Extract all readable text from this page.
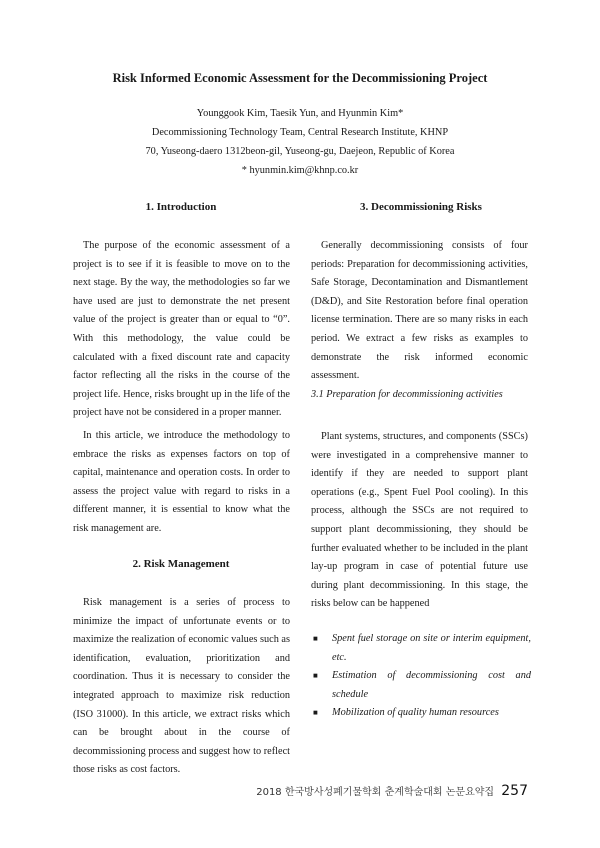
Risk Informed Economic Assessment for the Decommissioning Project
Younggook Kim, Taesik Yun, and Hyunmin Kim*
Decommissioning Technology Team, Central Research Institute, KHNP
70, Yuseong-daero 1312beon-gil, Yuseong-gu, Daejeon, Republic of Korea
* hyunmin.kim@khnp.co.kr
1. Introduction

The purpose of the economic assessment of a project is to see if it is feasible to move on to the next stage. By the way, the methodologies so far we have used are just to demonstrate the net present value of the project is greater than or equal to “0”. With this methodology, the value could be calculated with a fixed discount rate and capacity factor reflecting all the risks in the course of the project life. Hence, risks brought up in the life of the project have not be considered in a proper manner.

In this article, we introduce the methodology to embrace the risks as expenses factors on top of capital, maintenance and operation costs. In order to assess the project value with regard to risks in a different manner, it is essential to know what the risk management are.

2. Risk Management

Risk management is a series of process to minimize the impact of unfortunate events or to maximize the realization of economic values such as identification, evaluation, prioritization and coordination. Thus it is necessary to consider the integrated approach to maximize risk reduction (ISO 31000). In this article, we extract risks which can be brought about in the course of decommissioning process and suggest how to reflect those risks as cost factors.

3. Decommissioning Risks

Generally decommissioning consists of four periods: Preparation for decommissioning activities, Safe Storage, Decontamination and Dismantlement (D&D), and Site Restoration before final operation license termination. There are so many risks in each period. We extract a few risks as examples to demonstrate the risk informed economic assessment.

3.1 Preparation for decommissioning activities

Plant systems, structures, and components (SSCs) were investigated in a comprehensive manner to identify if they are needed to support plant operations (e.g., Spent Fuel Pool cooling). In this process, although the SSCs are not required to support plant decommissioning, they should be further evaluated whether to be included in the plant lay-up program in case of potential future use during plant decommissioning. In this stage, the risks below can be happened

■ Spent fuel storage on site or interim equipment, etc.
■ Estimation of decommissioning cost and schedule
■ Mobilization of quality human resources
2018 한국방사성폐기물학회 춘계학술대회 논문요약집 257
